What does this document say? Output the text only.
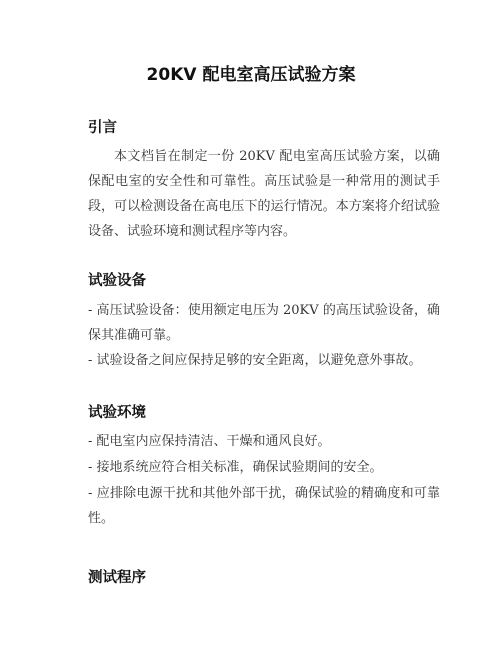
20KV 配电室高压试验方案
引言

本文档旨在制定一份 20KV 配电室高压试验方案，以确保配电室的安全性和可靠性。高压试验是一种常用的测试手段，可以检测设备在高电压下的运行情况。本方案将介绍试验设备、试验环境和测试程序等内容。

试验设备

- 高压试验设备：使用额定电压为 20KV 的高压试验设备，确保其准确可靠。

- 试验设备之间应保持足够的安全距离，以避免意外事故。

试验环境

- 配电室内应保持清洁、干燥和通风良好。

- 接地系统应符合相关标准，确保试验期间的安全。

- 应排除电源干扰和其他外部干扰，确保试验的精确度和可靠性。

测试程序
